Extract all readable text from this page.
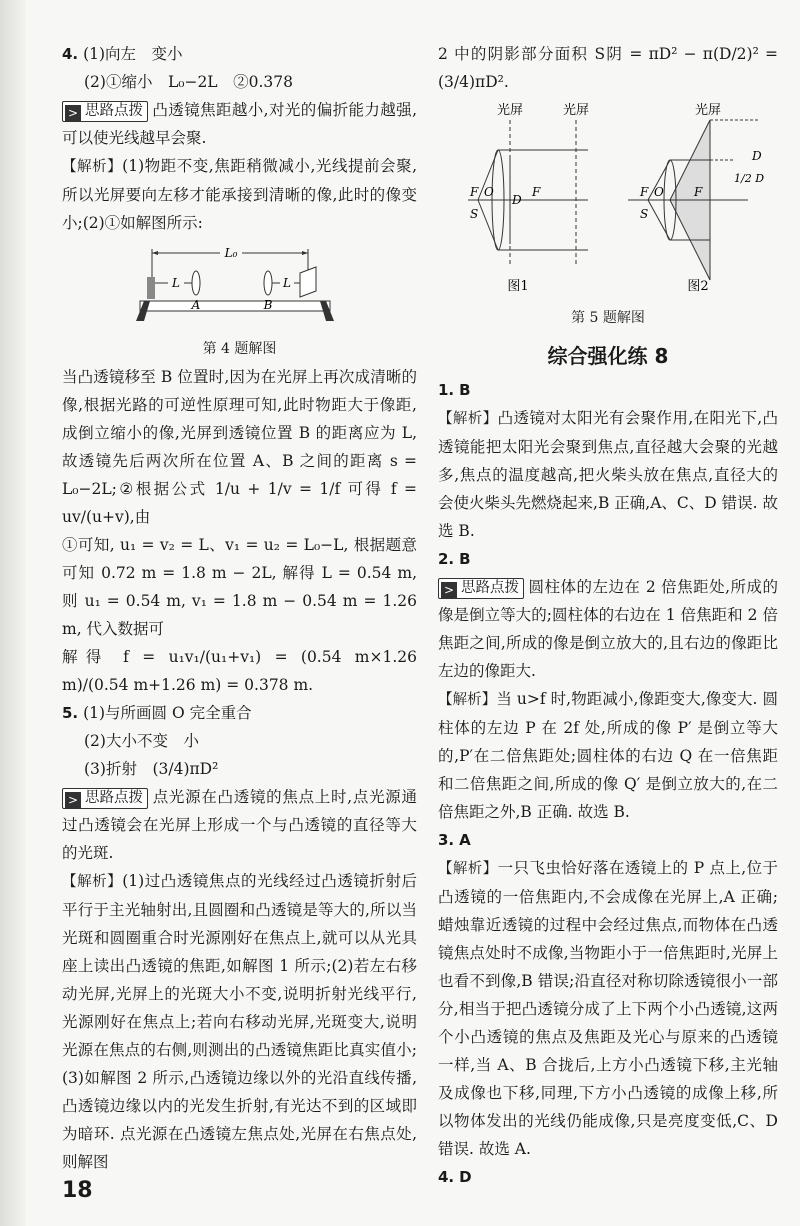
4. (1)向左　变小
(2)①缩小　L₀−2L　②0.378

> 思路点拨 凸透镜焦距越小,对光的偏折能力越强,可以使光线越早会聚.

【 解析 】 (1)物距不变,焦距稍微减小,光线提前会聚,所以光屏要向左移才能承接到清晰的像,此时的像变小;(2)①如解图所示:

L₀
L	L
A	B
第 4 题解图

当凸透镜移至 B 位置时,因为在光屏上再次成清晰的像,根据光路的可逆性原理可知,此时物距大于像距,成倒立缩小的像,光屏到透镜位置 B 的距离应为 L,故透镜先后两次所在位置 A、B 之间的距离 s = L₀−2L;②根据公式 1/u + 1/v = 1/f 可得 f = uv/(u+v),由

①可知, u₁ = v₂ = L、v₁ = u₂ = L₀−L, 根据题意可知 0.72 m = 1.8 m − 2L, 解得 L = 0.54 m, 则 u₁ = 0.54 m, v₁ = 1.8 m − 0.54 m = 1.26 m, 代入数据可

解得 f = u₁v₁/(u₁+v₁) = (0.54 m×1.26 m)/(0.54 m+1.26 m) = 0.378 m.

5. (1)与所画圆 O 完全重合
(2)大小不变　小
(3)折射　(3/4)πD²

> 思路点拨 点光源在凸透镜的焦点上时,点光源通过凸透镜会在光屏上形成一个与凸透镜的直径等大的光斑.

【 解析 】 (1)过凸透镜焦点的光线经过凸透镜折射后平行于主光轴射出,且圆圈和凸透镜是等大的,所以当光斑和圆圈重合时光源刚好在焦点上,就可以从光具座上读出凸透镜的焦距,如解图 1 所示;(2)若左右移动光屏,光屏上的光斑大小不变,说明折射光线平行,光源刚好在焦点上;若向右移动光屏,光斑变大,说明光源在焦点的右侧,则测出的凸透镜焦距比真实值小;(3)如解图 2 所示,凸透镜边缘以外的光沿直线传播,凸透镜边缘以内的光发生折射,有光达不到的区域即为暗环. 点光源在凸透镜左焦点处,光屏在右焦点处,则解图

2 中的阴影部分面积 S阴 = πD² − π(D/2)² = (3/4)πD².

光屏	光屏
F O
S
D
F
图1
光屏
1/2 D
D
F O
S
F
图2
第 5 题解图
综合强化练 8
1. B

【 解析 】 凸透镜对太阳光有会聚作用,在阳光下,凸透镜能把太阳光会聚到焦点,直径越大会聚的光越多,焦点的温度越高,把火柴头放在焦点,直径大的会使火柴头先燃烧起来,B 正确,A、C、D 错误. 故选 B.

2. B

> 思路点拨 圆柱体的左边在 2 倍焦距处,所成的像是倒立等大的;圆柱体的右边在 1 倍焦距和 2 倍焦距之间,所成的像是倒立放大的,且右边的像距比左边的像距大.

【 解析 】 当 u>f 时,物距减小,像距变大,像变大. 圆柱体的左边 P 在 2f 处,所成的像 P′ 是倒立等大的,P′在二倍焦距处;圆柱体的右边 Q 在一倍焦距和二倍焦距之间,所成的像 Q′ 是倒立放大的,在二倍焦距之外,B 正确. 故选 B.

3. A

【 解析 】 一只飞虫恰好落在透镜上的 P 点上,位于凸透镜的一倍焦距内,不会成像在光屏上,A 正确;蜡烛靠近透镜的过程中会经过焦点,而物体在凸透镜焦点处时不成像,当物距小于一倍焦距时,光屏上也看不到像,B 错误;沿直径对称切除透镜很小一部分,相当于把凸透镜分成了上下两个小凸透镜,这两个小凸透镜的焦点及焦距及光心与原来的凸透镜一样,当 A、B 合拢后,上方小凸透镜下移,主光轴及成像也下移,同理,下方小凸透镜的成像上移,所以物体发出的光线仍能成像,只是亮度变低,C、D 错误. 故选 A.

4. D
18
